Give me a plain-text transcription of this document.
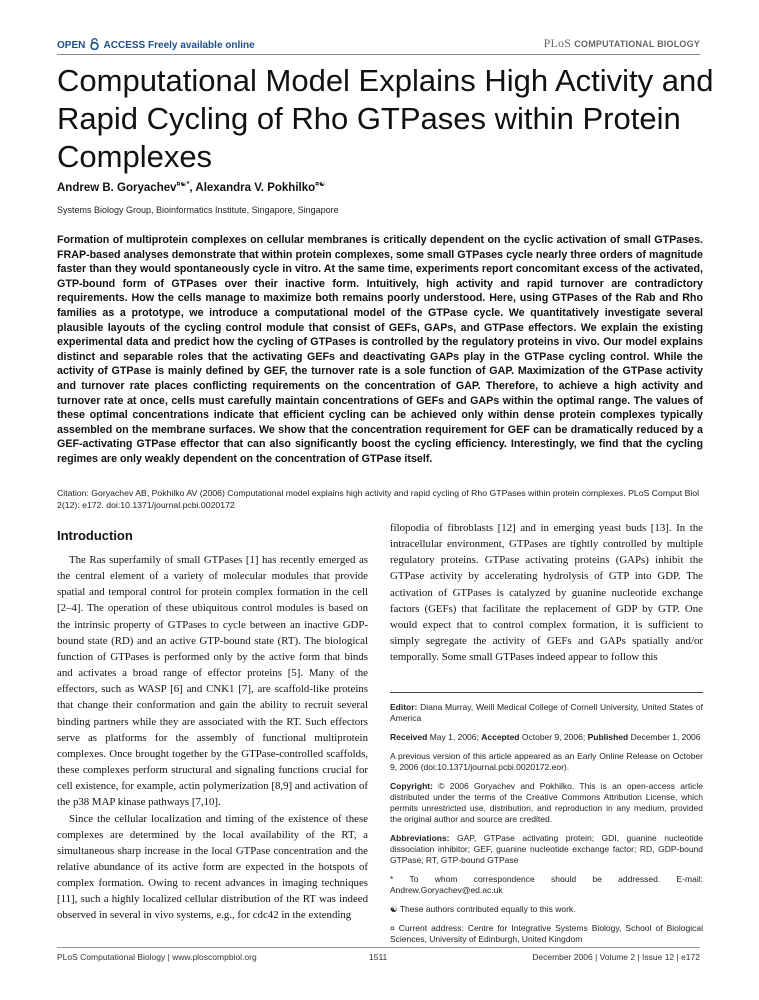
OPEN ACCESS Freely available online	PLoS COMPUTATIONAL BIOLOGY
Computational Model Explains High Activity and Rapid Cycling of Rho GTPases within Protein Complexes
Andrew B. Goryachev¤☯*, Alexandra V. Pokhilko¤☯
Systems Biology Group, Bioinformatics Institute, Singapore, Singapore

Formation of multiprotein complexes on cellular membranes is critically dependent on the cyclic activation of small GTPases. FRAP-based analyses demonstrate that within protein complexes, some small GTPases cycle nearly three orders of magnitude faster than they would spontaneously cycle in vitro. At the same time, experiments report concomitant excess of the activated, GTP-bound form of GTPases over their inactive form. Intuitively, high activity and rapid turnover are contradictory requirements. How the cells manage to maximize both remains poorly understood. Here, using GTPases of the Rab and Rho families as a prototype, we introduce a computational model of the GTPase cycle. We quantitatively investigate several plausible layouts of the cycling control module that consist of GEFs, GAPs, and GTPase effectors. We explain the existing experimental data and predict how the cycling of GTPases is controlled by the regulatory proteins in vivo. Our model explains distinct and separable roles that the activating GEFs and deactivating GAPs play in the GTPase cycling control. While the activity of GTPase is mainly defined by GEF, the turnover rate is a sole function of GAP. Maximization of the GTPase activity and turnover rate places conflicting requirements on the concentration of GAP. Therefore, to achieve a high activity and turnover rate at once, cells must carefully maintain concentrations of GEFs and GAPs within the optimal range. The values of these optimal concentrations indicate that efficient cycling can be achieved only within dense protein complexes typically assembled on the membrane surfaces. We show that the concentration requirement for GEF can be dramatically reduced by a GEF-activating GTPase effector that can also significantly boost the cycling efficiency. Interestingly, we find that the cycling regimes are only weakly dependent on the concentration of GTPase itself.

Citation: Goryachev AB, Pokhilko AV (2006) Computational model explains high activity and rapid cycling of Rho GTPases within protein complexes. PLoS Comput Biol 2(12): e172. doi:10.1371/journal.pcbi.0020172

Introduction

The Ras superfamily of small GTPases [1] has recently emerged as the central element of a variety of molecular modules that provide spatial and temporal control for protein complex formation in the cell [2–4]. The operation of these ubiquitous control modules is based on the intrinsic property of GTPases to cycle between an inactive GDP-bound state (RD) and an active GTP-bound state (RT). The biological function of GTPases is performed only by the active form that binds and activates a broad range of effector proteins [5]. Many of the effectors, such as WASP [6] and CNK1 [7], are scaffold-like proteins that change their conformation and gain the ability to recruit several binding partners while they are associated with the RT. Such effectors serve as platforms for the assembly of functional multiprotein complexes. Once brought together by the GTPase-controlled scaffolds, these complexes perform structural and signaling functions crucial for cell existence, for example, actin polymerization [8,9] and activation of the p38 MAP kinase pathways [7,10].

Since the cellular localization and timing of the existence of these complexes are determined by the local availability of the RT, a simultaneous sharp increase in the local GTPase concentration and the relative abundance of its active form are expected in the hotspots of complex formation. Owing to recent advances in imaging techniques [11], such a highly localized cellular distribution of the RT was indeed observed in several in vivo systems, e.g., for cdc42 in the extending

filopodia of fibroblasts [12] and in emerging yeast buds [13]. In the intracellular environment, GTPases are tightly controlled by multiple regulatory proteins. GTPase activating proteins (GAPs) inhibit the GTPase activity by accelerating hydrolysis of GTP into GDP. The activation of GTPases is catalyzed by guanine nucleotide exchange factors (GEFs) that facilitate the replacement of GDP by GTP. One would expect that to control complex formation, it is sufficient to simply segregate the activity of GEFs and GAPs spatially and/or temporally. Some small GTPases indeed appear to follow this

Editor: Diana Murray, Weill Medical College of Cornell University, United States of America

Received May 1, 2006; Accepted October 9, 2006; Published December 1, 2006

A previous version of this article appeared as an Early Online Release on October 9, 2006 (doi:10.1371/journal.pcbi.0020172.eor).

Copyright: © 2006 Goryachev and Pokhilko. This is an open-access article distributed under the terms of the Creative Commons Attribution License, which permits unrestricted use, distribution, and reproduction in any medium, provided the original author and source are credited.

Abbreviations: GAP, GTPase activating protein; GDI, guanine nucleotide dissociation inhibitor; GEF, guanine nucleotide exchange factor; RD, GDP-bound GTPase; RT, GTP-bound GTPase

* To whom correspondence should be addressed. E-mail: Andrew.Goryachev@ed.ac.uk

☯ These authors contributed equally to this work.

¤ Current address: Centre for Integrative Systems Biology, School of Biological Sciences, University of Edinburgh, United Kingdom

PLoS Computational Biology | www.ploscompbiol.org	1511	December 2006 | Volume 2 | Issue 12 | e172
